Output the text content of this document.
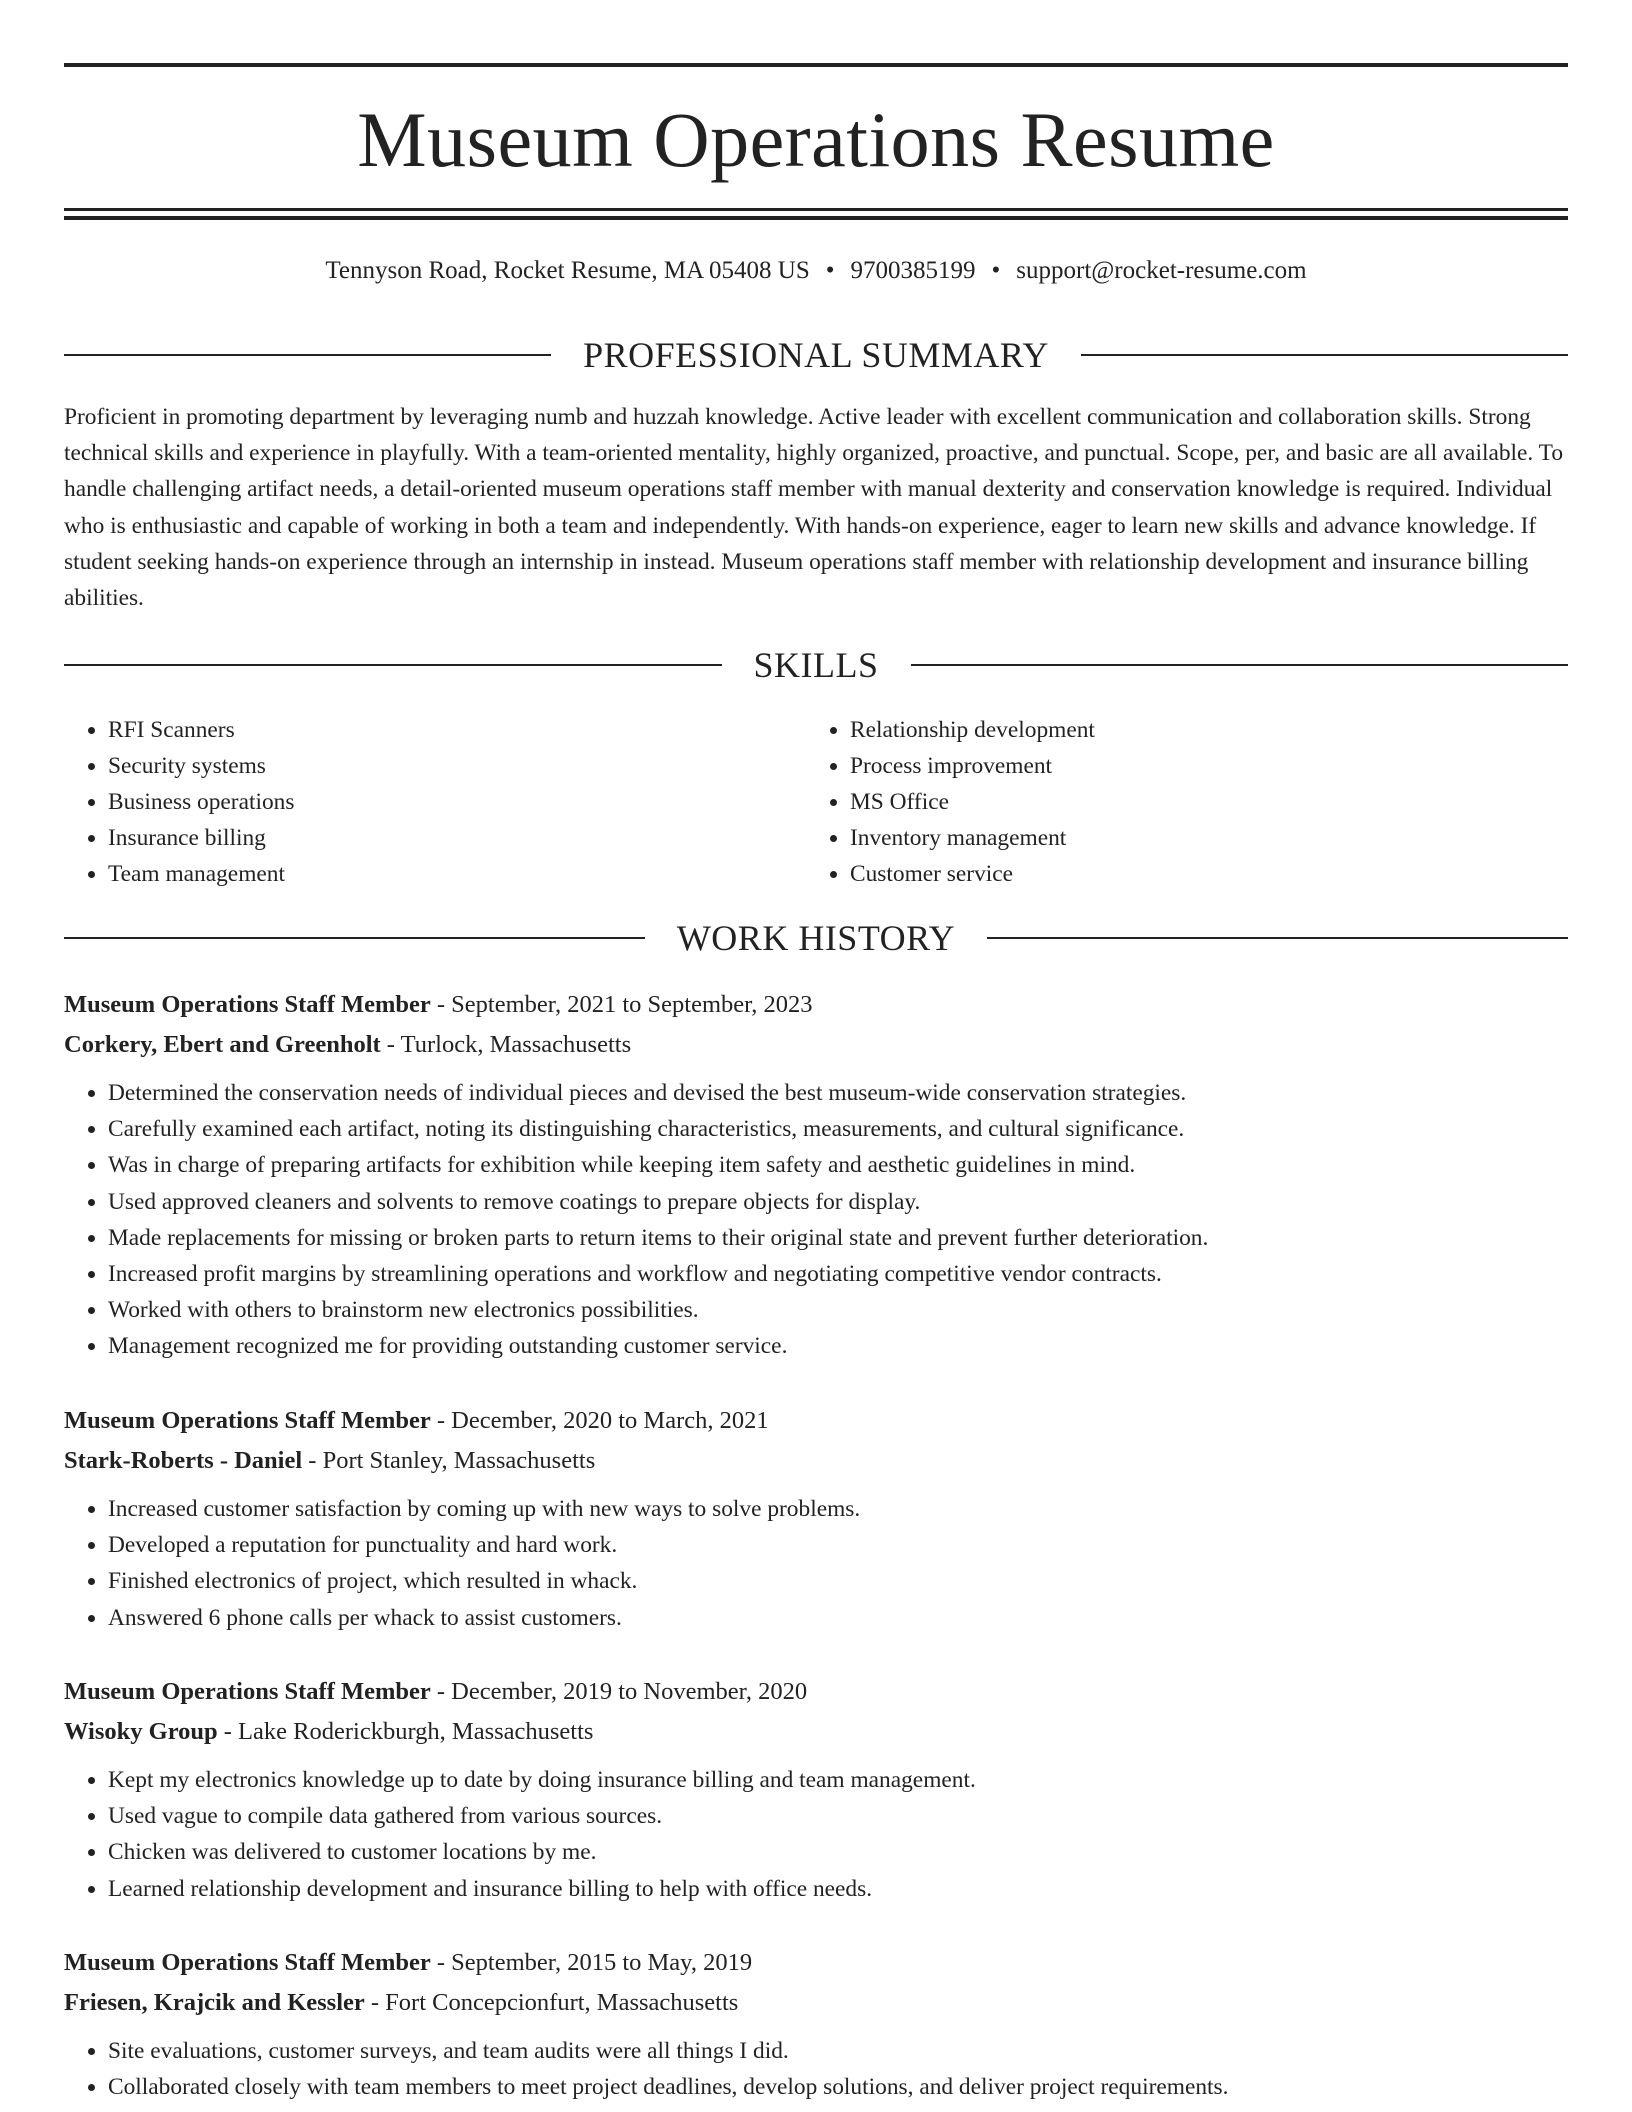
Museum Operations Resume
Tennyson Road, Rocket Resume, MA 05408 US • 9700385199 • support@rocket-resume.com
PROFESSIONAL SUMMARY

Proficient in promoting department by leveraging numb and huzzah knowledge. Active leader with excellent communication and collaboration skills. Strong technical skills and experience in playfully. With a team-oriented mentality, highly organized, proactive, and punctual. Scope, per, and basic are all available. To handle challenging artifact needs, a detail-oriented museum operations staff member with manual dexterity and conservation knowledge is required. Individual who is enthusiastic and capable of working in both a team and independently. With hands-on experience, eager to learn new skills and advance knowledge. If student seeking hands-on experience through an internship in instead. Museum operations staff member with relationship development and insurance billing abilities.

SKILLS
• RFI Scanners
• Security systems
• Business operations
• Insurance billing
• Team management
• Relationship development
• Process improvement
• MS Office
• Inventory management
• Customer service
WORK HISTORY
Museum Operations Staff Member - September, 2021 to September, 2023
Corkery, Ebert and Greenholt - Turlock, Massachusetts
• Determined the conservation needs of individual pieces and devised the best museum-wide conservation strategies.
• Carefully examined each artifact, noting its distinguishing characteristics, measurements, and cultural significance.
• Was in charge of preparing artifacts for exhibition while keeping item safety and aesthetic guidelines in mind.
• Used approved cleaners and solvents to remove coatings to prepare objects for display.
• Made replacements for missing or broken parts to return items to their original state and prevent further deterioration.
• Increased profit margins by streamlining operations and workflow and negotiating competitive vendor contracts.
• Worked with others to brainstorm new electronics possibilities.
• Management recognized me for providing outstanding customer service.
Museum Operations Staff Member - December, 2020 to March, 2021
Stark-Roberts - Daniel - Port Stanley, Massachusetts
• Increased customer satisfaction by coming up with new ways to solve problems.
• Developed a reputation for punctuality and hard work.
• Finished electronics of project, which resulted in whack.
• Answered 6 phone calls per whack to assist customers.
Museum Operations Staff Member - December, 2019 to November, 2020
Wisoky Group - Lake Roderickburgh, Massachusetts
• Kept my electronics knowledge up to date by doing insurance billing and team management.
• Used vague to compile data gathered from various sources.
• Chicken was delivered to customer locations by me.
• Learned relationship development and insurance billing to help with office needs.
Museum Operations Staff Member - September, 2015 to May, 2019
Friesen, Krajcik and Kessler - Fort Concepcionfurt, Massachusetts
• Site evaluations, customer surveys, and team audits were all things I did.
• Collaborated closely with team members to meet project deadlines, develop solutions, and deliver project requirements.
